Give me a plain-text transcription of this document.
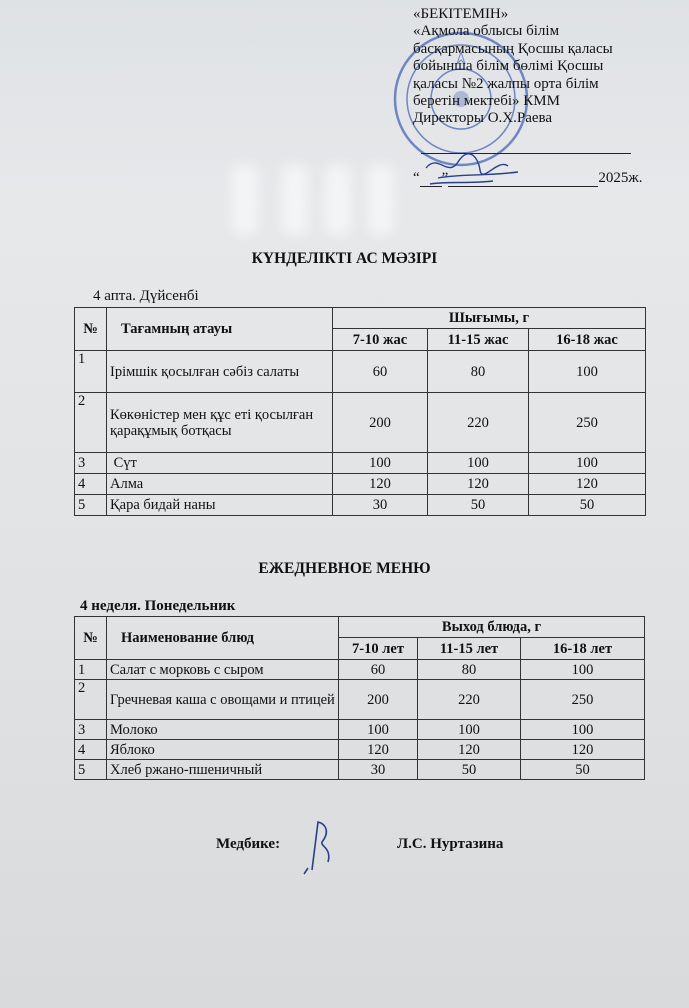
«БЕКІТЕМІН»
«Ақмола облысы білім
басқармасының Қосшы қаласы
бойынша білім бөлімі Қосшы
қаласы №2 жалпы орта білім
беретін мектебі» КММ
Директоры О.Х.Раева
“ ”	2025ж.
КҮНДЕЛІКТІ АС МӘЗІРІ
4 апта. Дүйсенбі
№	Тағамның атауы	Шығымы, г		
		7-10 жас	11-15 жас	16-18 жас
1	Ірімшік қосылған сәбіз салаты	60	80	100
2	Көкөністер мен құс еті қосылған қарақұмық ботқасы	200	220	250
3	Сүт	100	100	100
4	Алма	120	120	120
5	Қара бидай наны	30	50	50
ЕЖЕДНЕВНОЕ МЕНЮ
4 неделя. Понедельник
№	Наименование блюд	Выход блюда, г		
		7-10 лет	11-15 лет	16-18 лет
1	Салат с морковь с сыром	60	80	100
2	Гречневая каша с овощами и птицей	200	220	250
3	Молоко	100	100	100
4	Яблоко	120	120	120
5	Хлеб ржано-пшеничный	30	50	50
Медбике:	Л.С. Нуртазина
